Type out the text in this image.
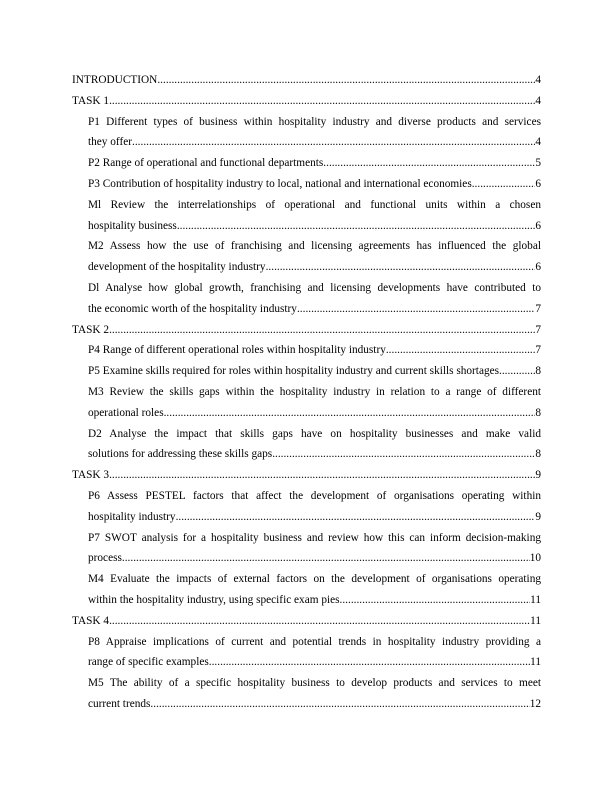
INTRODUCTION .....	4
TASK 1 .....	4
P1 Different types of business within hospitality industry and diverse products and services
they offer .....	4
P2 Range of operational and functional departments .....	5
P3 Contribution of hospitality industry to local, national and international economies .....	6
Ml Review the interrelationships of operational and functional units within a chosen
hospitality business .....	6
M2 Assess how the use of franchising and licensing agreements has influenced the global
development of the hospitality industry .....	6
Dl Analyse how global growth, franchising and licensing developments have contributed to
the economic worth of the hospitality industry .....	7
TASK 2 .....	7
P4 Range of different operational roles within hospitality industry .....	7
P5 Examine skills required for roles within hospitality industry and current skills shortages .....	8
M3 Review the skills gaps within the hospitality industry in relation to a range of different
operational roles .....	8
D2 Analyse the impact that skills gaps have on hospitality businesses and make valid
solutions for addressing these skills gaps .....	8
TASK 3 .....	9
P6 Assess PESTEL factors that affect the development of organisations operating within
hospitality industry .....	9
P7 SWOT analysis for a hospitality business and review how this can inform decision-making
process .....	10
M4 Evaluate the impacts of external factors on the development of organisations operating
within the hospitality industry, using specific exam pies .....	11
TASK 4 .....	11
P8 Appraise implications of current and potential trends in hospitality industry providing a
range of specific examples .....	11
M5 The ability of a specific hospitality business to develop products and services to meet
current trends .....	12
